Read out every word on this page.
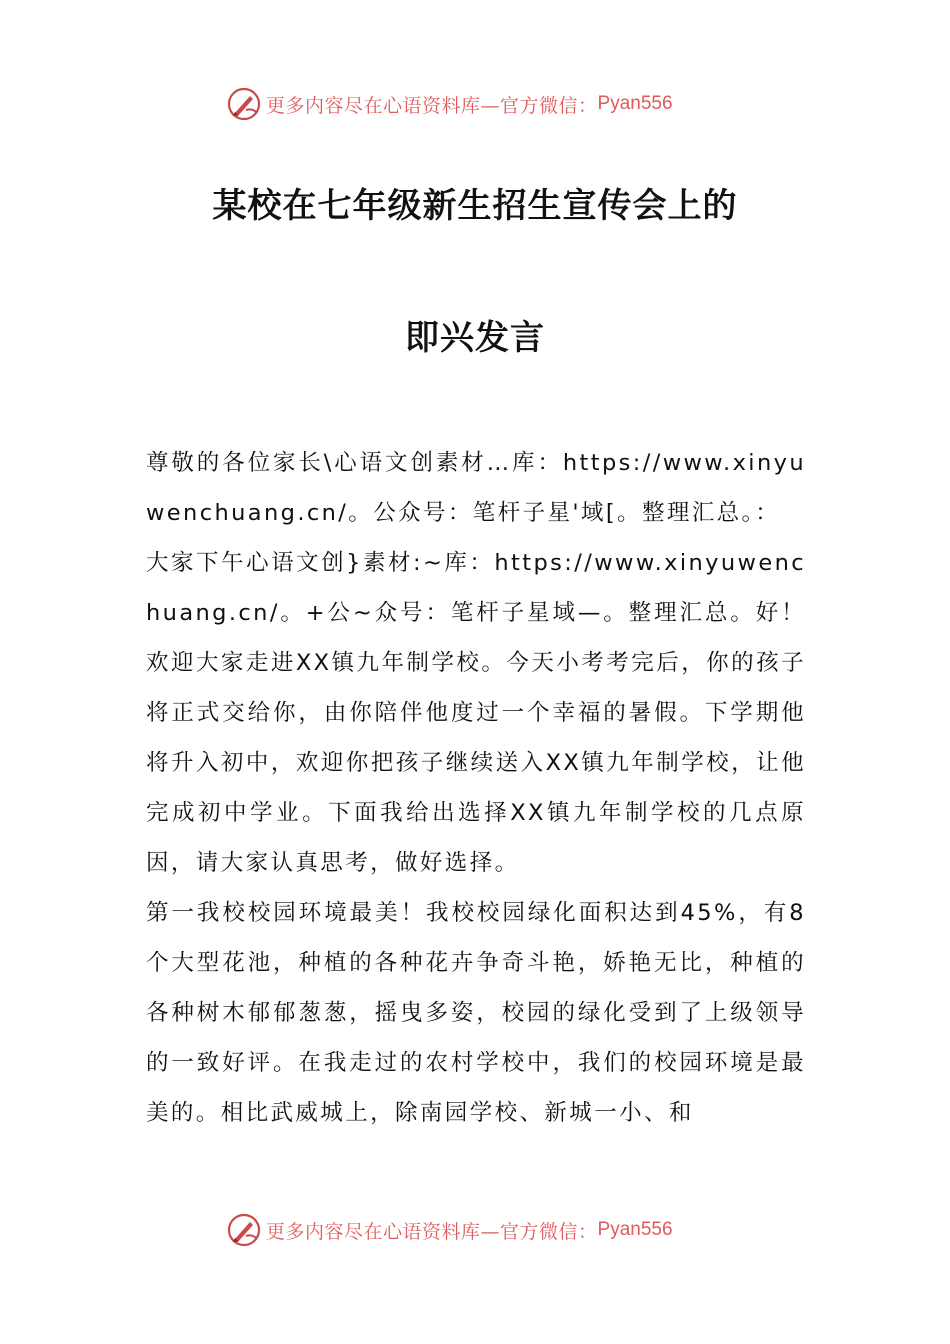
更多内容尽在心语资料库—官方微信： Pyan556
某校在七年级新生招生宣传会上的
即兴发言

尊敬的各位家长\心语文创素材…库：https://www.xinyuwenchuang.cn/。公众号：笔杆子星'域[。整理汇总。：

大家下午心语文创}素材:~库：https://www.xinyuwenchuang.cn/。+公~众号：笔杆子星域—。整理汇总。好！欢迎大家走进XX镇九年制学校。今天小考考完后，你的孩子将正式交给你，由你陪伴他度过一个幸福的暑假。下学期他将升入初中，欢迎你把孩子继续送入XX镇九年制学校，让他完成初中学业。下面我给出选择XX镇九年制学校的几点原因，请大家认真思考，做好选择。

第一我校校园环境最美！我校校园绿化面积达到45%，有8个大型花池，种植的各种花卉争奇斗艳，娇艳无比，种植的各种树木郁郁葱葱，摇曳多姿，校园的绿化受到了上级领导的一致好评。在我走过的农村学校中，我们的校园环境是最美的。相比武威城上，除南园学校、新城一小、和

更多内容尽在心语资料库—官方微信： Pyan556
